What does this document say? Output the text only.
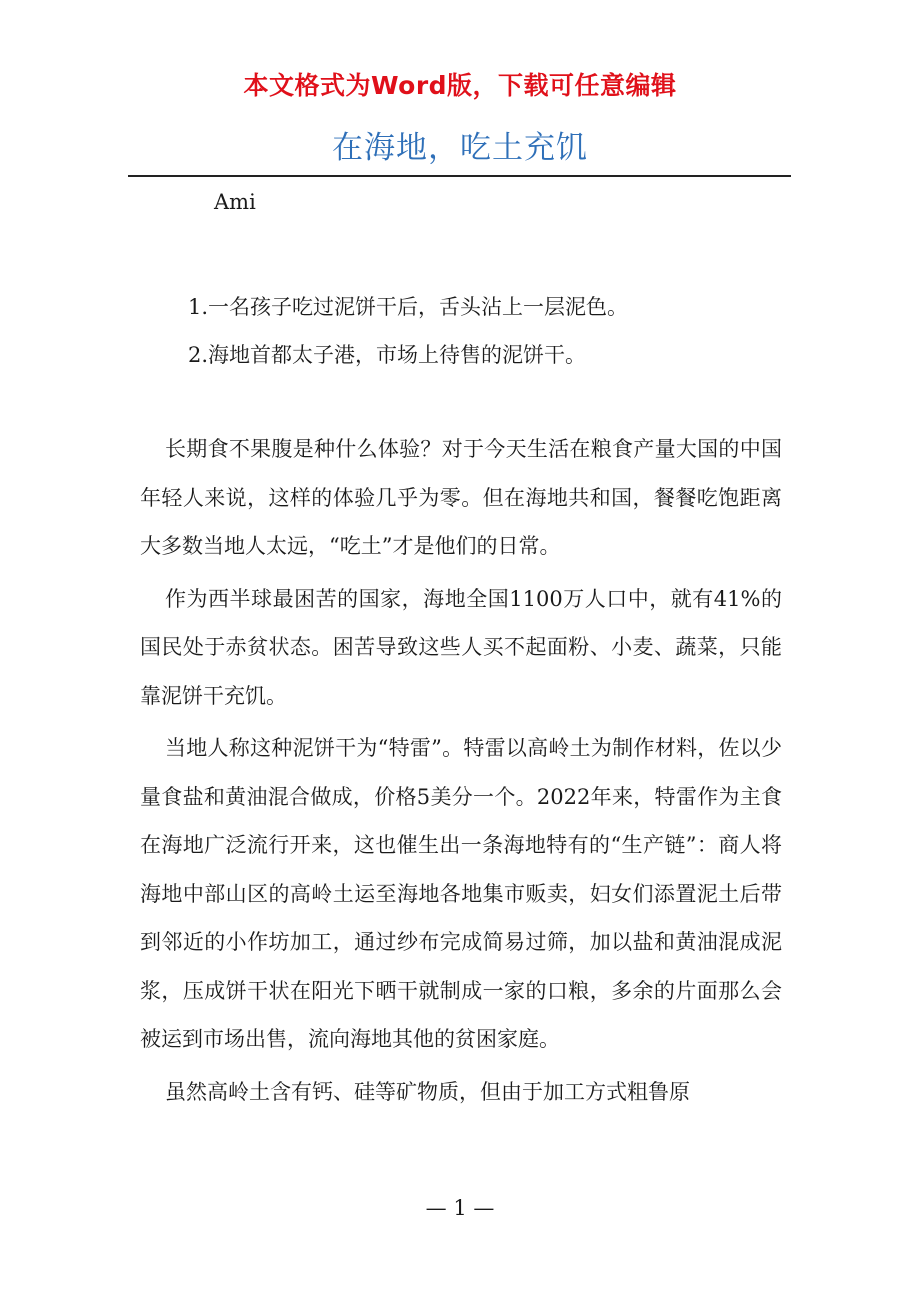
本文格式为Word版，下载可任意编辑
在海地，吃土充饥
Ami
1.一名孩子吃过泥饼干后，舌头沾上一层泥色。
2.海地首都太子港，市场上待售的泥饼干。

长期食不果腹是种什么体验？对于今天生活在粮食产量大国的中国年轻人来说，这样的体验几乎为零。但在海地共和国，餐餐吃饱距离大多数当地人太远，“吃土”才是他们的日常。

作为西半球最困苦的国家，海地全国1100万人口中，就有41%的国民处于赤贫状态。困苦导致这些人买不起面粉、小麦、蔬菜，只能靠泥饼干充饥。

当地人称这种泥饼干为“特雷”。特雷以高岭土为制作材料，佐以少量食盐和黄油混合做成，价格5美分一个。2022年来，特雷作为主食在海地广泛流行开来，这也催生出一条海地特有的“生产链”：商人将海地中部山区的高岭土运至海地各地集市贩卖，妇女们添置泥土后带到邻近的小作坊加工，通过纱布完成简易过筛，加以盐和黄油混成泥浆，压成饼干状在阳光下晒干就制成一家的口粮，多余的片面那么会被运到市场出售，流向海地其他的贫困家庭。

虽然高岭土含有钙、硅等矿物质，但由于加工方式粗鲁原

— 1 —
